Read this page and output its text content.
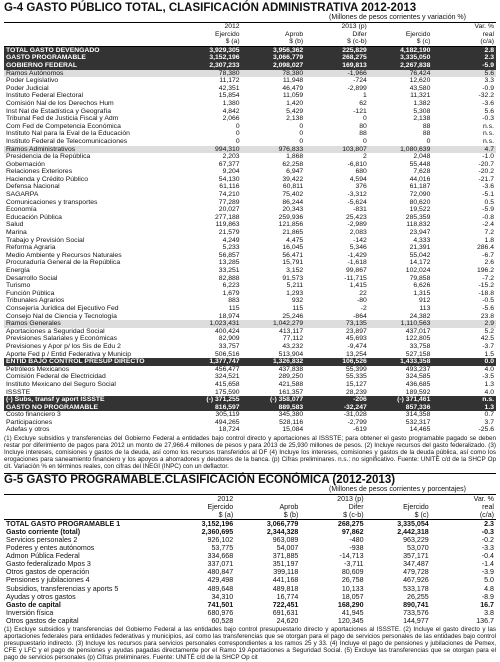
G-4 GASTO PÚBLICO TOTAL, CLASIFICACIÓN ADMINISTRATIVA 2012-2013
(Millones de pesos corrientes y variación %)
	2012		2013 (p)		Var. %
	Ejercido	Aprob	Difer	Ejercido	real
	$ (a)	$ (b)	$ (c-b)	$ (c)	(c/a)
TOTAL GASTO DEVENGADO	3,929,305	3,956,362	225,829	4,182,190	2.8
GASTO PROGRAMABLE	3,152,196	3,066,779	268,275	3,335,050	2.3
GOBIERNO FEDERAL	2,307,233	2,098,027	169,813	2,267,838	-5.9
Ramos Autónomos	78,380	78,380	-1,966	76,424	5.6
Poder Legislativo	11,172	11,948	-724	12,620	3.3
Poder Judicial	42,351	46,479	-2,899	43,580	-0.9
Instituto Federal Electoral	15,854	11,059	1	11,321	-32.2
Comisión Nal de los Derechos Hum	1,380	1,420	62	1,382	-3.6
Inst Nal de Estadística y Geografía	4,842	5,429	-121	5,308	5.6
Tribunal Fed de Justicia Fiscal y Adm	2,066	2,138	0	2,138	-0.3
Com Fed de Competencia Económica	0	0	80	88	n.s.
Instituto Nal para la Eval de la Educación	0	0	88	88	n.s.
Instituto Federal de Telecomunicaciones	0	0	0	0	n.s.
Ramos Administrativos	994,310	976,833	103,807	1,080,639	4.7
Presidencia de la República	2,203	1,868	2	2,048	-1.0
Gobernación	67,377	62,258	-6,810	55,448	-20.7
Relaciones Exteriores	9,204	6,947	680	7,628	-20.2
Hacienda y Crédito Público	54,130	39,422	4,594	44,016	-21.7
Defensa Nacional	61,116	60,811	376	61,187	-3.6
SAGARPA	74,210	75,402	-3,312	72,090	-5.1
Comunicaciones y transportes	77,289	86,244	-5,624	80,620	0.5
Economía	20,027	20,343	-831	19,522	-5.9
Educación Pública	277,188	259,936	25,423	285,359	-0.8
Salud	119,863	121,856	-2,989	118,832	-2.4
Marina	21,579	21,865	2,083	23,947	7.2
Trabajo y Previsión Social	4,249	4,475	-142	4,333	1.8
Reforma Agraria	5,233	16,045	5,346	21,391	286.4
Medio Ambiente y Recursos Naturales	56,857	56,471	-1,429	55,042	-6.7
Procuraduría General de la República	13,285	15,791	-1,618	14,172	2.6
Energía	33,251	3,152	99,867	102,024	196.2
Desarrollo Social	82,888	91,573	-11,715	79,858	-7.2
Turismo	6,223	5,211	1,415	6,626	-15.2
Función Pública	1,679	1,293	22	1,315	-18.8
Tribunales Agrarios	883	932	-80	912	-0.5
Consejería Jurídica del Ejecutivo Fed	115	115	-2	113	-5.6
Consejo Nal de Ciencia y Tecnología	18,974	25,246	-864	24,382	23.8
Ramos Generales	1,023,431	1,042,279	73,135	1,110,563	2.9
Aportaciones a Seguridad Social	400,424	413,117	23,897	437,017	5.2
Previsiones Salariales y Económicas	82,909	77,112	45,693	122,805	42.5
Previsiones y Apor p/ los Sis de Edu 2	33,757	43,232	-9,474	33,758	-3.7
Aporte Fed p / Entid Federativa y Municip	506,516	513,904	13,254	527,158	1.5
ENTID BAJO CONTROL PRESUP DIRECTO	1,377,747	1,326,832	106,526	1,433,358	0.0
Petróleos Mexicanos	456,477	437,838	55,399	493,237	4.0
Comisión Federal de Electricidad	324,521	289,250	55,335	324,585	-3.5
Instituto Mexicano del Seguro Social	415,658	421,588	15,127	436,685	1.3
ISSSTE	175,590	161,357	28,239	189,592	4.0
(-) Subs, transf y aport ISSSTE	(-) 371,255	(-) 358,077	-206	(-) 371,461	n.s.
GASTO NO PROGRAMABLE	816,597	889,583	-32,247	857,336	1.3
Costo financiero 3	305,119	345,380	-31,028	314,358	0.7
Participaciones	494,265	528,116	-2,799	532,317	3.7
Adefas y otros	18,724	15,084	-619	14,465	-25.6
(1) Excluye subsidios y transferencias del Gobierno Federal a entidades bajo control directo y aportaciones al ISSSTE; para obtener el gasto programable pagado se deben restar por diferimiento de pagos para 2012 un monto de 27,966.4 millones de pesos y para 2013 de 25,930 millones de pesos. (2) Incluye recursos del gasto federalizado. (3) Incluye intereses, comisiones y gastos de la deuda, así como los recursos transferidos al DF (4) Incluye los intereses, comisiones y gastos de la deuda pública, así como los erogaciones para saneamiento financiero y los apoyos a ahorradores y deudores de la banca. (p) Cifras preliminares. n.s.: no significativo. Fuente: UNITÉ c/d de la SHCP Op cit. Variación % en términos reales, con cifras del INEGI (INPC) con un deflactor.
G-5 GASTO PROGRAMABLE.CLASIFICACIÓN ECONÓMICA (2012-2013)
(Millones de pesos corrientes y porcentajes)
	2012		2013 (p)		Var. %
	Ejercido	Aprob	Difer	Ejercido	real
	$ (a)	$ (b)	$ (c-b)	$ (c)	(c/a)
TOTAL GASTO PROGRAMABLE 1	3,152,196	3,066,779	268,275	3,335,054	2.3
Gasto corriente (total)	2,360,695	2,344,328	97,862	2,442,318	-0.3
Servicios personales 2	926,102	963,089	-480	963,229	-0.2
Poderes y entes autónomos	53,775	54,007	-938	53,070	-3.3
Admon Pública Federal	334,668	371,885	-14,713	357,171	-0.4
Gasto federalizado Mpos 3	337,071	351,197	-3,711	347,487	-1.4
Otros gastos de operación	480,847	399,118	80,609	479,728	-3.9
Pensiones y jubilaciones 4	429,498	441,168	26,758	467,926	5.0
Subsidios, transferencias y aports 5	489,648	489,818	10,133	533,178	4.8
Ayudas y otros gastos	34,310	16,774	18,057	26,255	-8.9
Gasto de capital	741,501	722,451	168,290	890,741	16.7
Inversión física	680,976	691,631	41,945	733,576	3.8
Otros gastos de capital	60,528	24,620	120,345	144,977	136.7
(1) Excluye subsidios y transferencias del Gobierno Federal a las entidades bajo control presupuestario directo y aportaciones al ISSSTE. (2) Incluye el gasto directo y las aportaciones federales para entidades federativas y municipios, así como las transferencias que se otorgan para el pago de servicios personales de las entidades bajo control presupuestario indirecto. (3) Incluye los recursos para servicios personales correspondientes a los ramos 25 y 33. (4) Incluye el pago de pensiones y jubilaciones de Pemex, CFE y LFC y el pago de pensiones y ayudas pagadas directamente por el Ramo 19 Aportaciones a Seguridad Social. (5) Excluye las transferencias que se otorgan para el pago de servicios personales (p) Cifras preliminares. Fuente: UNITÉ c/d de la SHCP Op cit
